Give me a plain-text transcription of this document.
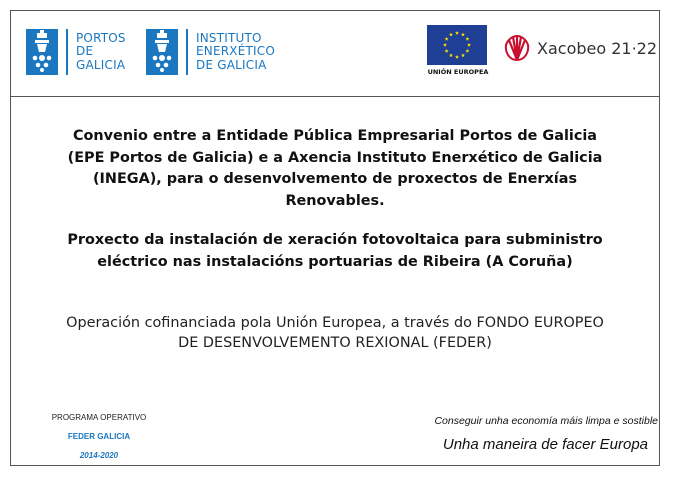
PORTOS
DE
GALICIA
INSTITUTO
ENERXÉTICO
DE GALICIA
UNIÓN EUROPEA
Xacobeo 21·22
Convenio entre a Entidade Pública Empresarial Portos de Galicia (EPE Portos de Galicia) e a Axencia Instituto Enerxético de Galicia (INEGA), para o desenvolvemento de proxectos de Enerxías Renovables.
Proxecto da instalación de xeración fotovoltaica para subministro eléctrico nas instalacións portuarias de Ribeira (A Coruña)
Operación cofinanciada pola Unión Europea, a través do FONDO EUROPEO DE DESENVOLVEMENTO REXIONAL (FEDER)
PROGRAMA OPERATIVO
FEDER GALICIA
2014-2020
Conseguir unha economía máis limpa e sostible
Unha maneira de facer Europa
